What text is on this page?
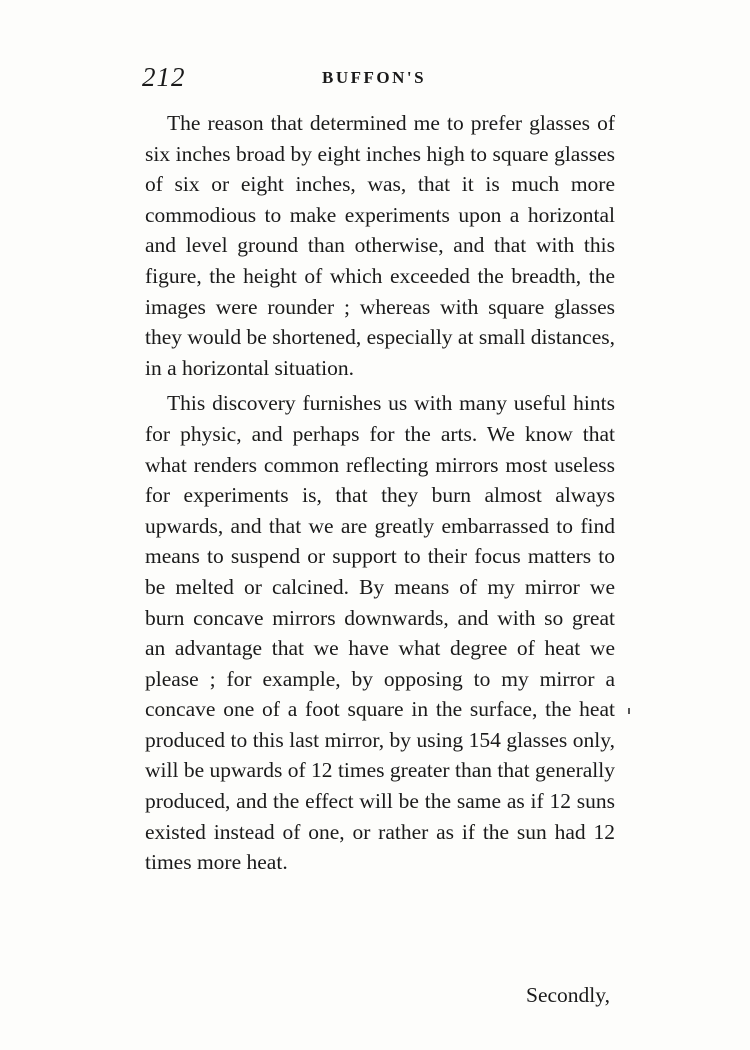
212	BUFFON'S

The reason that determined me to prefer glasses of six inches broad by eight inches high to square glasses of six or eight inches, was, that it is much more commodious to make experiments upon a horizontal and level ground than otherwise, and that with this figure, the height of which exceeded the breadth, the images were rounder ; whereas with square glasses they would be shortened, especially at small distances, in a horizontal situation.

This discovery furnishes us with many useful hints for physic, and perhaps for the arts. We know that what renders common reflecting mirrors most useless for experiments is, that they burn almost always upwards, and that we are greatly embarrassed to find means to suspend or support to their focus matters to be melted or calcined. By means of my mirror we burn concave mirrors downwards, and with so great an advantage that we have what degree of heat we please ; for example, by opposing to my mirror a concave one of a foot square in the surface, the heat produced to this last mirror, by using 154 glasses only, will be upwards of 12 times greater than that generally produced, and the effect will be the same as if 12 suns existed instead of one, or rather as if the sun had 12 times more heat.

Secondly,
